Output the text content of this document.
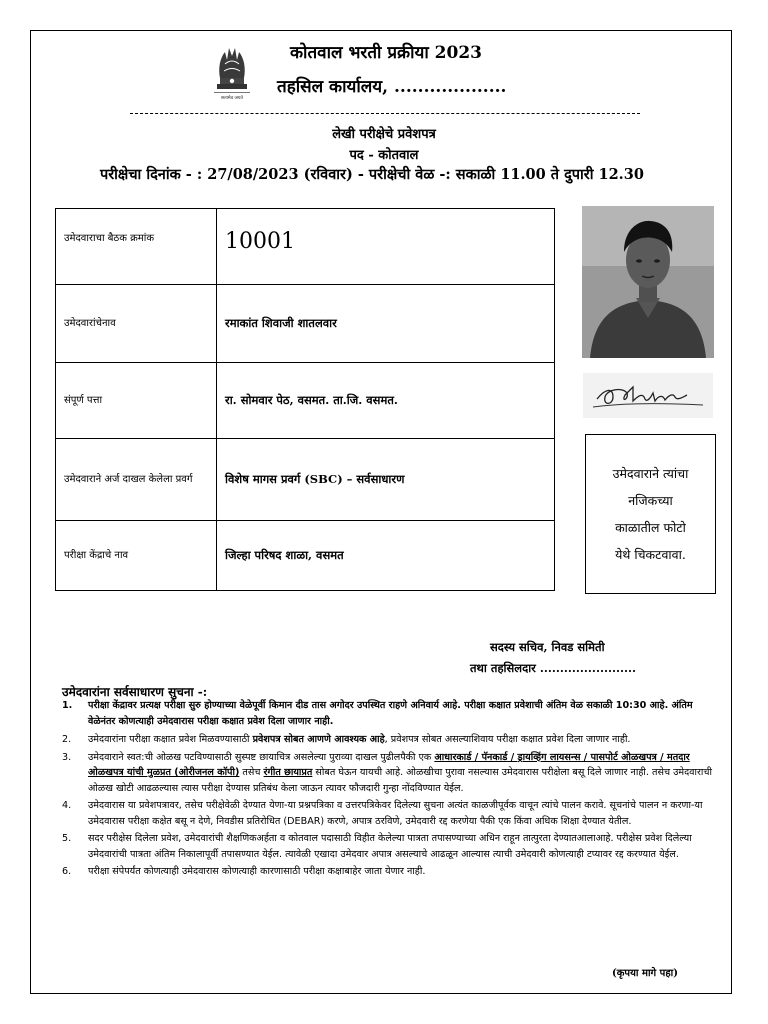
सत्यमेव जयते
कोतवाल भरती प्रक्रीया 2023
तहसिल कार्यालय, ...................
लेखी परीक्षेचे प्रवेशपत्र
पद - कोतवाल
परीक्षेचा दिनांक - : 27/08/2023 (रविवार) - परीक्षेची वेळ -: सकाळी 11.00 ते दुपारी 12.30
उमेदवाराचा बैठक क्रमांक	10001
उमेदवारांचेनाव	रमाकांत शिवाजी शातलवार
संपूर्ण पत्ता	रा. सोमवार पेठ, वसमत. ता.जि. वसमत.
उमेदवाराने अर्ज दाखल केलेला प्रवर्ग	विशेष मागस प्रवर्ग (SBC) – सर्वसाधारण
परीक्षा केंद्राचे नाव	जिल्हा परिषद शाळा, वसमत
उमेदवाराने त्यांचा
नजिकच्या
काळातील फोटो
येथे चिकटवावा.
सदस्य सचिव, निवड समिती
तथा तहसिलदार ........................
उमेदवारांना सर्वसाधारण सुचना -:
1. परीक्षा केंद्रावर प्रत्यक्ष परीक्षा सुरु होण्याच्या वेळेपूर्वी किमान दीड तास अगोदर उपस्थित राहणे अनिवार्य आहे. परीक्षा कक्षात प्रवेशाची अंतिम वेळ सकाळी 10:30 आहे. अंतिम वेळेनंतर कोणत्याही उमेदवारास परीक्षा कक्षात प्रवेश दिला जाणार नाही.
2. उमेदवारांना परीक्षा कक्षात प्रवेश मिळवण्यासाठी प्रवेशपत्र सोबत आणणे आवश्यक आहे, प्रवेशपत्र सोबत असल्याशिवाय परीक्षा कक्षात प्रवेश दिला जाणार नाही.
3. उमेदवाराने स्वत:ची ओळख पटविण्यासाठी सुस्पष्ट छायाचित्र असलेल्या पुराव्या दाखल पुढीलपैकी एक आधारकार्ड / पॅनकार्ड / ड्रायव्हिंग लायसन्स / पासपोर्ट ओळखपत्र / मतदार ओळखपत्र यांची मुळप्रत (ओरीजनल कॉपी) तसेच रंगीत छायाप्रत सोबत घेऊन यायची आहे. ओळखीचा पुरावा नसल्यास उमेदवारास परीक्षेला बसू दिले जाणार नाही. तसेच उमेदवाराची ओळख खोटी आढळल्यास त्यास परीक्षा देण्यास प्रतिबंध केला जाऊन त्यावर फौजदारी गुन्हा नोंदविण्यात येईल.
4. उमेदवारास या प्रवेशपत्रावर, तसेच परीक्षेवेळी देण्यात येणा-या प्रश्नपत्रिका व उत्तरपत्रिकेवर दिलेल्या सुचना अत्यंत काळजीपूर्वक वाचून त्यांचे पालन करावे. सूचनांचे पालन न करणा-या उमेदवारास परीक्षा कक्षेत बसू न देणे, निवडीस प्रतिरोधित (DEBAR) करणे, अपात्र ठरविणे, उमेदवारी रद्द करणेया पैकी एक किंवा अधिक शिक्षा देण्यात येतील.
5. सदर परीक्षेस दिलेला प्रवेश, उमेदवारांची शैक्षणिकअर्हता व कोतवाल पदासाठी विहीत केलेल्या पात्रता तपासण्याच्या अधिन राहून तात्पुरता देण्यातआलाआहे. परीक्षेस प्रवेश दिलेल्या उमेदवारांची पात्रता अंतिम निकालापूर्वी तपासण्यात येईल. त्यावेळी एखादा उमेदवार अपात्र असल्याचे आढळून आल्यास त्याची उमेदवारी कोणत्याही टप्यावर रद्द करण्यात येईल.
6. परीक्षा संपेपर्यंत कोणत्याही उमेदवारास कोणत्याही कारणासाठी परीक्षा कक्षाबाहेर जाता येणार नाही.
(कृपया मागे पहा)
